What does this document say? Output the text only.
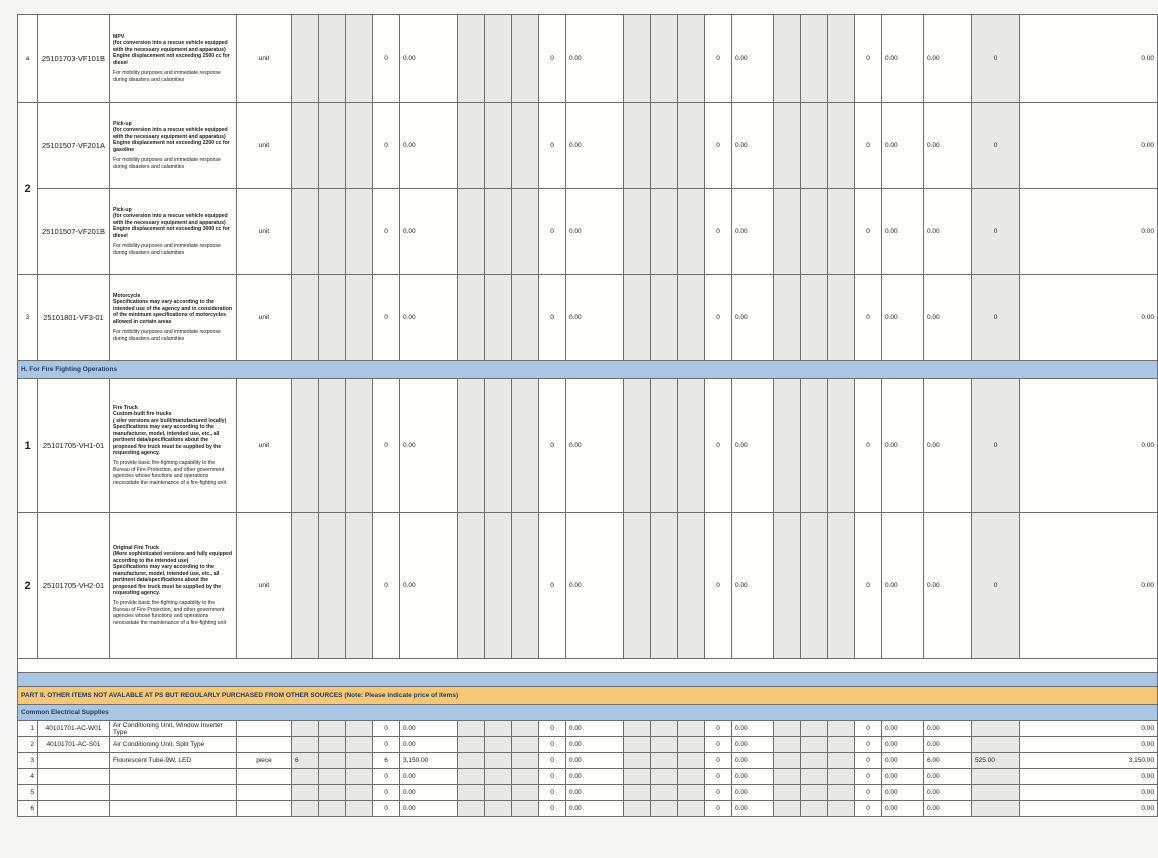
a	25101703-VF101B	MPV
(for conversion into a rescue vehicle equipped with the necessary equipment and apparatus)
Engine displacement not exceeding 2500 cc for diesel
For mobility purposes and immediate response during disasters and calamities	unit				0	0.00				0	0.00				0	0.00				0	0.00	0.00	0	0.00
2	25101507-VF201A	Pick-up
(for conversion into a rescue vehicle equipped with the necessary equipment and apparatus)
Engine displacement not exceeding 2200 cc for gasoline
For mobility purposes and immediate response during disasters and calamities	unit				0	0.00				0	0.00				0	0.00				0	0.00	0.00	0	0.00
	25101507-VF201B	Pick-up
(for conversion into a rescue vehicle equipped with the necessary equipment and apparatus)
Engine displacement not exceeding 3000 cc for diesel
For mobility purposes and immediate response during disasters and calamities	unit				0	0.00				0	0.00				0	0.00				0	0.00	0.00	0	0.00
3	25101801-VF3-01	Motorcycle
Specifications may vary according to the intended use of the agency and in consideration of the minimum specifications of motorcycles allowed in certain areas
For mobility purposes and immediate response during disasters and calamities	unit				0	0.00				0	0.00				0	0.00				0	0.00	0.00	0	0.00
H. For Fire Fighting Operations																										
1	25101705-VH1-01	Fire Truck
Custom-built fire trucks
( siler versions are built/manufactured locally)
Specifications may vary according to the manufacturer, model, intended use, etc., all pertinent data/specifications about the proposed fire truck must be supplied by the requesting agency.
To provide basic fire-fighting capability to the Bureau of Fire Protection, and other government agencies whose functions and operations necessitate the maintenance of a fire-fighting unit	unit				0	0.00				0	0.00				0	0.00				0	0.00	0.00	0	0.00
2	25101705-VH2-01	Original Fire Truck
(More sophisticated versions and fully equipped according to the intended use)
Specifications may vary according to the manufacturer, model, intended use, etc., all pertinent data/specifications about the proposed fire truck must be supplied by the requesting agency.
To provide basic fire-fighting capability to the Bureau of Fire Protection, and other government agencies whose functions and operations necessitate the maintenance of a fire-fighting unit	unit				0	0.00				0	0.00				0	0.00				0	0.00	0.00	0	0.00

PART II. OTHER ITEMS NOT AVALABLE AT PS BUT REGULARLY PURCHASED FROM OTHER SOURCES (Note: Please indicate price of items)																										
Common Electrical Supplies																										
1	40101701-AC-W01	Air Conditioning Unit, Window Inverter Type					0	0.00				0	0.00				0	0.00				0	0.00	0.00		0.00
2	40101701-AC-S01	Air Conditioning Unit, Split Type					0	0.00				0	0.00				0	0.00				0	0.00	0.00		0.00
3		Flourescent Tube-9W, LED	piece	6			6	3,150.00				0	0.00				0	0.00				0	0.00	6.00	525.00	3,150.00
4							0	0.00				0	0.00				0	0.00				0	0.00	0.00		0.00
5							0	0.00				0	0.00				0	0.00				0	0.00	0.00		0.00
6							0	0.00				0	0.00				0	0.00				0	0.00	0.00		0.00
